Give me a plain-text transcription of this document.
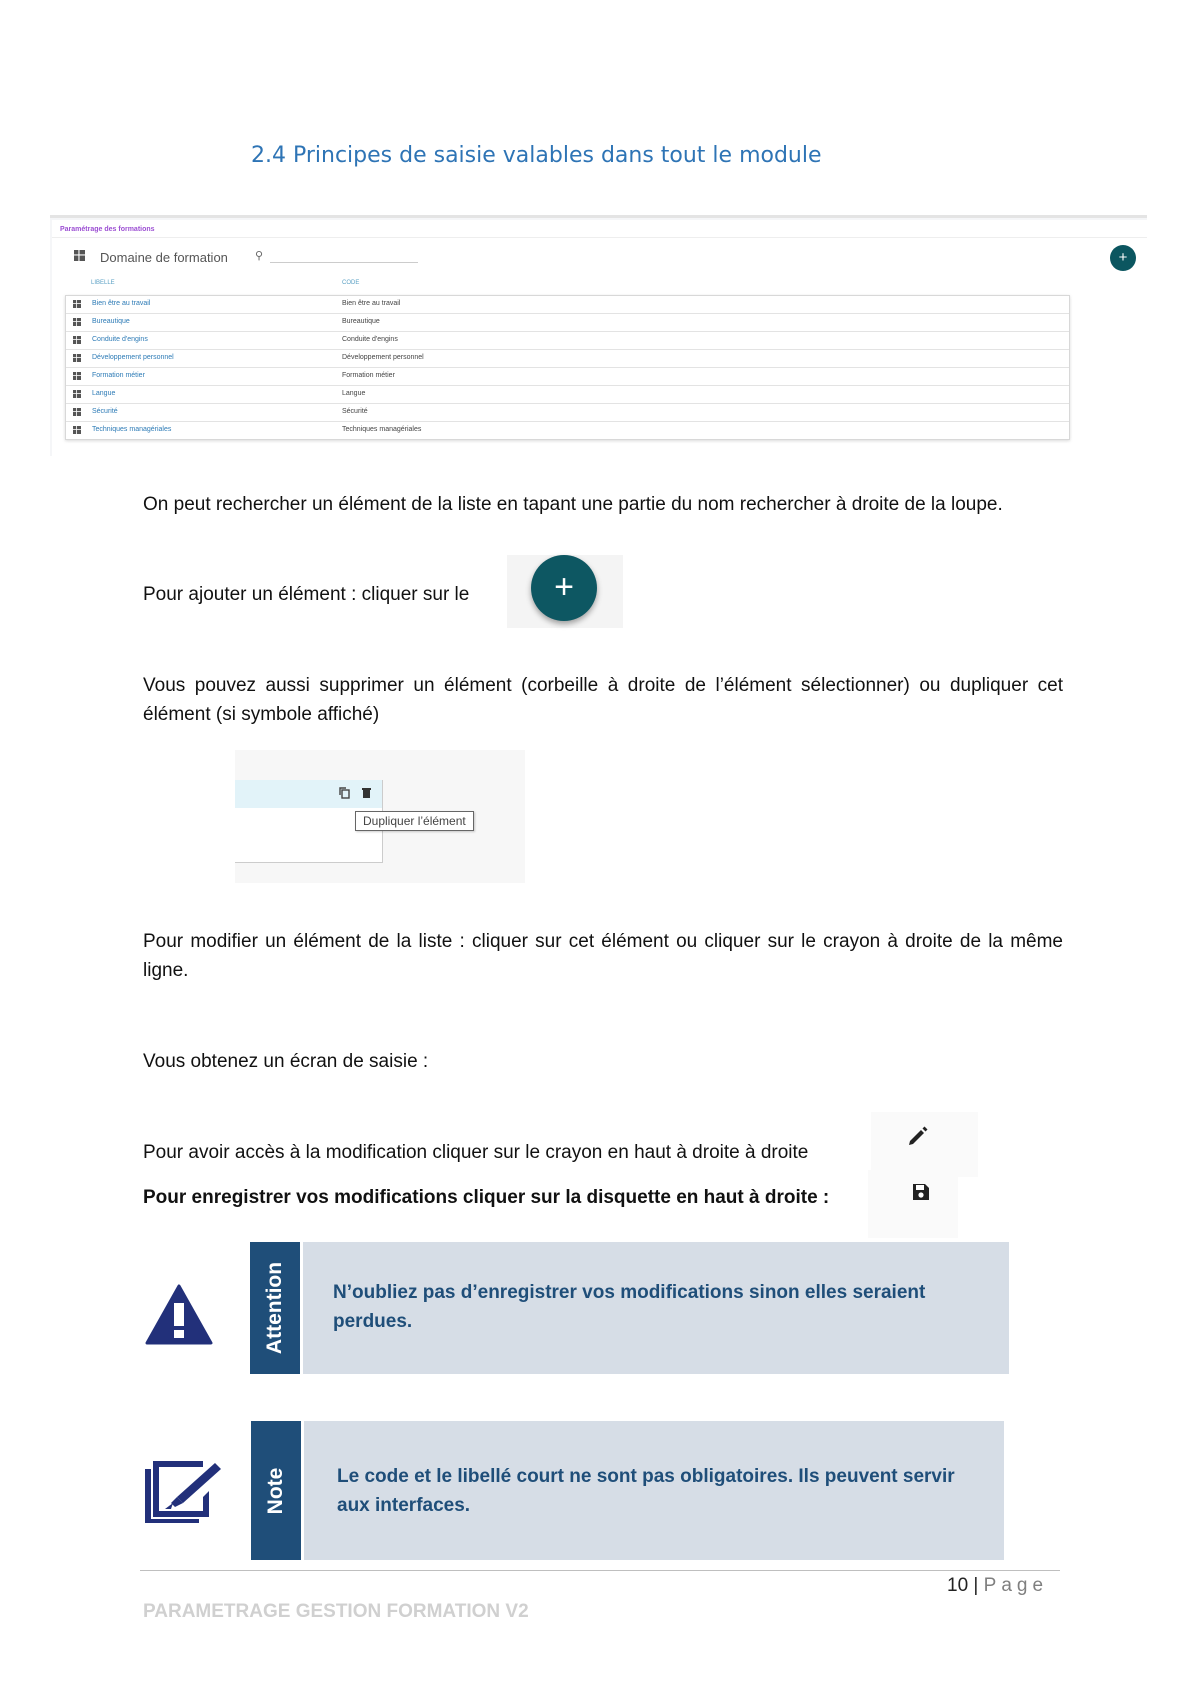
2.4 Principes de saisie valables dans tout le module
Paramétrage des formations
Domaine de formation ⚲	+
LIBELLE	CODE
Bien être au travail	Bien être au travail
Bureautique	Bureautique
Conduite d'engins	Conduite d'engins
Développement personnel	Développement personnel
Formation métier	Formation métier
Langue	Langue
Sécurité	Sécurité
Techniques managériales	Techniques managériales
On peut rechercher un élément de la liste en tapant une partie du nom rechercher à droite de la loupe.
Pour ajouter un élément : cliquer sur le	+
Vous pouvez aussi supprimer un élément (corbeille à droite de l’élément sélectionner) ou dupliquer cet élément (si symbole affiché)
Dupliquer l’élément
Pour modifier un élément de la liste : cliquer sur cet élément ou cliquer sur le crayon à droite de la même ligne.
Vous obtenez un écran de saisie :
Pour avoir accès à la modification cliquer sur le crayon en haut à droite à droite
Pour enregistrer vos modifications cliquer sur la disquette en haut à droite :
Attention N’oubliez pas d’enregistrer vos modifications sinon elles seraient perdues.
Note	Le code et le libellé court ne sont pas obligatoires. Ils peuvent servir aux interfaces.
10 | Page
PARAMETRAGE GESTION FORMATION V2
